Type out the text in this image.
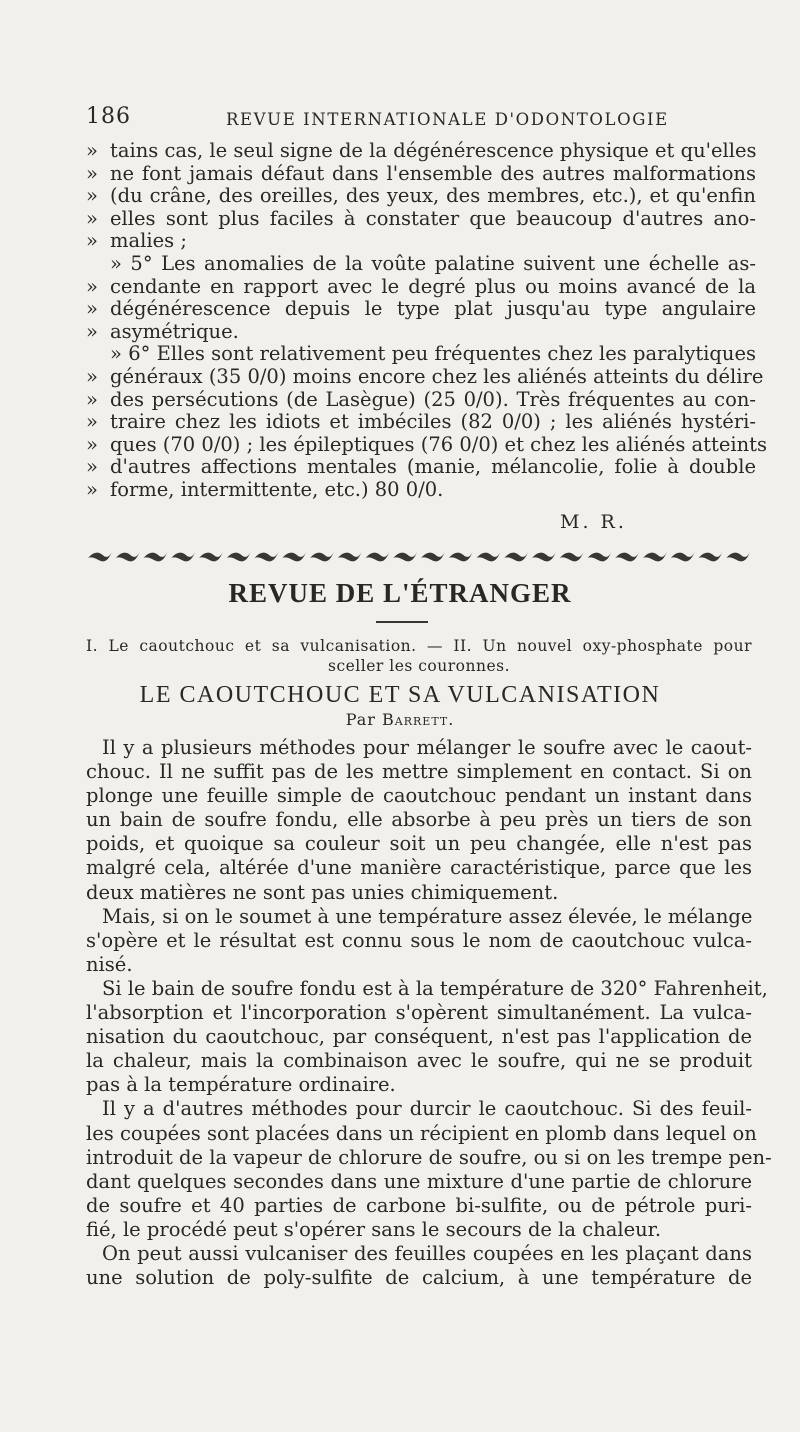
186	REVUE INTERNATIONALE D'ODONTOLOGIE
» tains cas, le seul signe de la dégénérescence physique et qu'elles
» ne font jamais défaut dans l'ensemble des autres malformations
» (du crâne, des oreilles, des yeux, des membres, etc.), et qu'enfin
» elles sont plus faciles à constater que beaucoup d'autres ano-
» malies ;
» 5° Les anomalies de la voûte palatine suivent une échelle as-
» cendante en rapport avec le degré plus ou moins avancé de la
» dégénérescence depuis le type plat jusqu'au type angulaire
» asymétrique.
» 6° Elles sont relativement peu fréquentes chez les paralytiques
» généraux (35 0/0) moins encore chez les aliénés atteints du délire
» des persécutions (de Lasègue) (25 0/0). Très fréquentes au con-
» traire chez les idiots et imbéciles (82 0/0) ; les aliénés hystéri-
» ques (70 0/0) ; les épileptiques (76 0/0) et chez les aliénés atteints
» d'autres affections mentales (manie, mélancolie, folie à double
» forme, intermittente, etc.) 80 0/0.
M. R.
REVUE DE L'ÉTRANGER
I. Le caoutchouc et sa vulcanisation. — II. Un nouvel oxy-phosphate pour
sceller les couronnes.
LE CAOUTCHOUC ET SA VULCANISATION
Par Barrett.
Il y a plusieurs méthodes pour mélanger le soufre avec le caout-
chouc. Il ne suffit pas de les mettre simplement en contact. Si on
plonge une feuille simple de caoutchouc pendant un instant dans
un bain de soufre fondu, elle absorbe à peu près un tiers de son
poids, et quoique sa couleur soit un peu changée, elle n'est pas
malgré cela, altérée d'une manière caractéristique, parce que les
deux matières ne sont pas unies chimiquement.
Mais, si on le soumet à une température assez élevée, le mélange
s'opère et le résultat est connu sous le nom de caoutchouc vulca-
nisé.
Si le bain de soufre fondu est à la température de 320° Fahrenheit,
l'absorption et l'incorporation s'opèrent simultanément. La vulca-
nisation du caoutchouc, par conséquent, n'est pas l'application de
la chaleur, mais la combinaison avec le soufre, qui ne se produit
pas à la température ordinaire.
Il y a d'autres méthodes pour durcir le caoutchouc. Si des feuil-
les coupées sont placées dans un récipient en plomb dans lequel on
introduit de la vapeur de chlorure de soufre, ou si on les trempe pen-
dant quelques secondes dans une mixture d'une partie de chlorure
de soufre et 40 parties de carbone bi-sulfite, ou de pétrole puri-
fié, le procédé peut s'opérer sans le secours de la chaleur.
On peut aussi vulcaniser des feuilles coupées en les plaçant dans
une solution de poly-sulfite de calcium, à une température de
